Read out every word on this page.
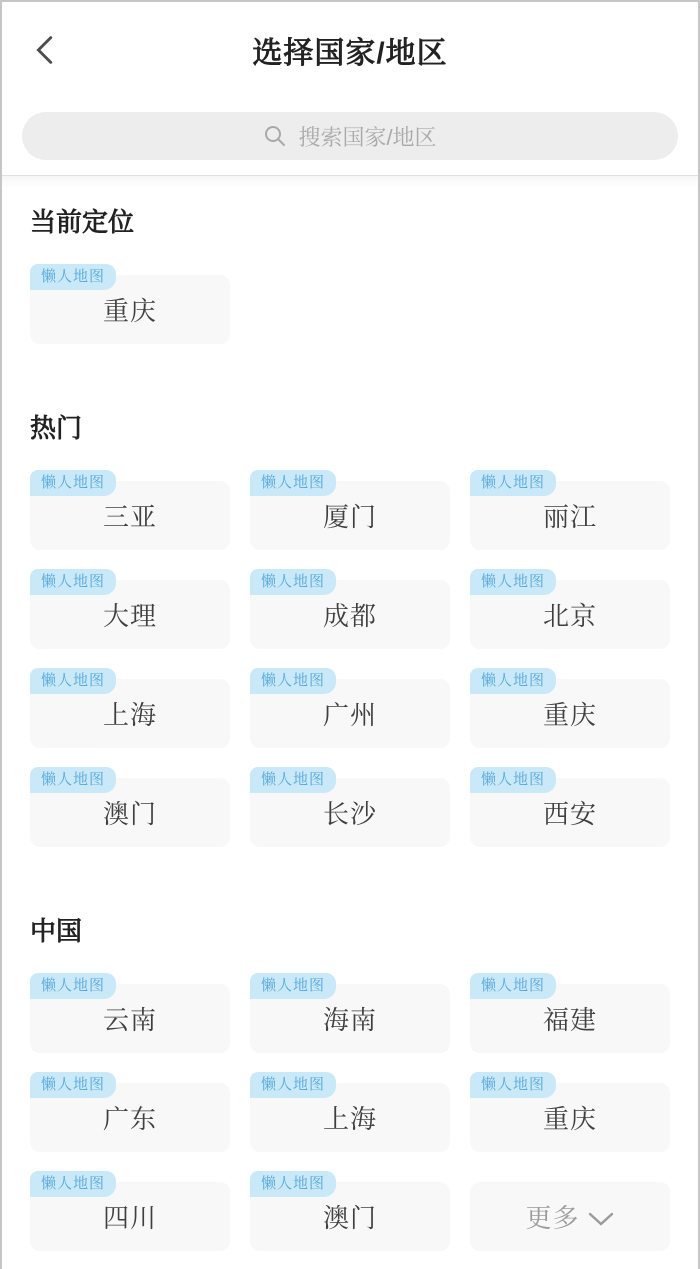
选择国家/地区
搜索国家/地区
当前定位
懒人地图
重庆
热门
懒人地图
三亚
懒人地图
厦门
懒人地图
丽江
懒人地图
大理
懒人地图
成都
懒人地图
北京
懒人地图
上海
懒人地图
广州
懒人地图
重庆
懒人地图
澳门
懒人地图
长沙
懒人地图
西安
中国
懒人地图
云南
懒人地图
海南
懒人地图
福建
懒人地图
广东
懒人地图
上海
懒人地图
重庆
懒人地图
四川
懒人地图
澳门	更多
